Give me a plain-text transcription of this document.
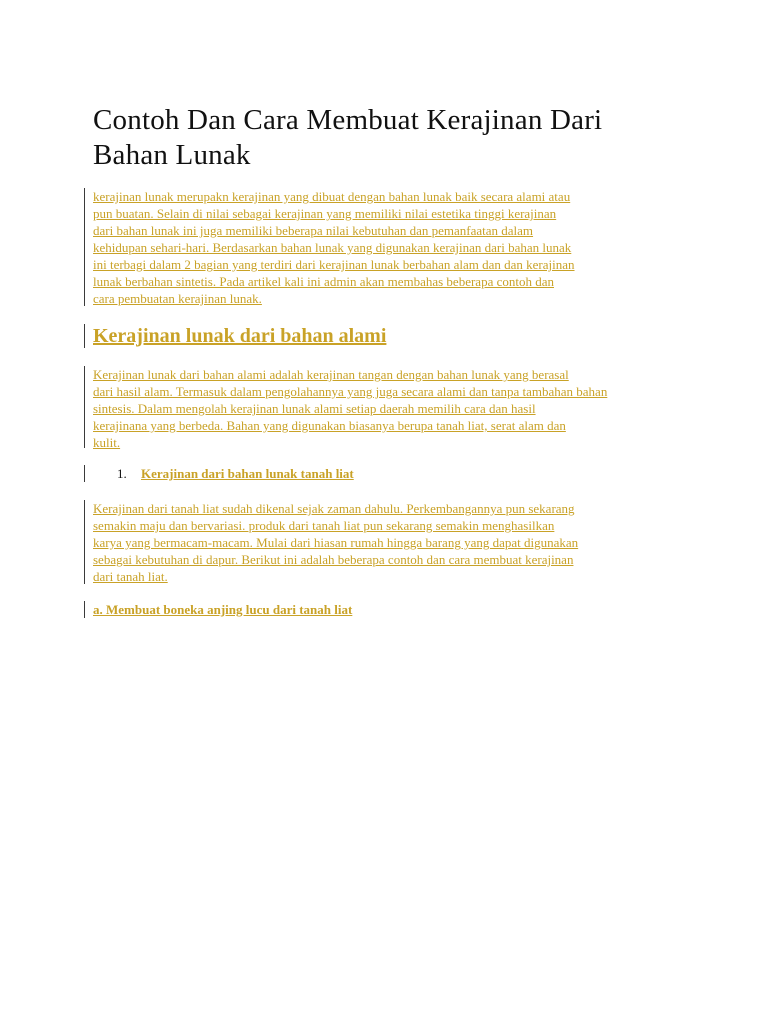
Contoh Dan Cara Membuat Kerajinan Dari Bahan Lunak

kerajinan lunak merupakn kerajinan yang dibuat dengan bahan lunak baik secara alami atau
pun buatan. Selain di nilai sebagai kerajinan yang memiliki nilai estetika tinggi kerajinan
dari bahan lunak ini juga memiliki beberapa nilai kebutuhan dan pemanfaatan dalam
kehidupan sehari-hari. Berdasarkan bahan lunak yang digunakan kerajinan dari bahan lunak
ini terbagi dalam 2 bagian yang terdiri dari kerajinan lunak berbahan alam dan dan kerajinan
lunak berbahan sintetis. Pada artikel kali ini admin akan membahas beberapa contoh dan
cara pembuatan kerajinan lunak.

Kerajinan lunak dari bahan alami

Kerajinan lunak dari bahan alami adalah kerajinan tangan dengan bahan lunak yang berasal
dari hasil alam. Termasuk dalam pengolahannya yang juga secara alami dan tanpa tambahan bahan
sintesis. Dalam mengolah kerajinan lunak alami setiap daerah memilih cara dan hasil
kerajinana yang berbeda. Bahan yang digunakan biasanya berupa tanah liat, serat alam dan
kulit.

1. Kerajinan dari bahan lunak tanah liat

Kerajinan dari tanah liat sudah dikenal sejak zaman dahulu. Perkembangannya pun sekarang
semakin maju dan bervariasi. produk dari tanah liat pun sekarang semakin menghasilkan
karya yang bermacam-macam. Mulai dari hiasan rumah hingga barang yang dapat digunakan
sebagai kebutuhan di dapur. Berikut ini adalah beberapa contoh dan cara membuat kerajinan
dari tanah liat.

a. Membuat boneka anjing lucu dari tanah liat
